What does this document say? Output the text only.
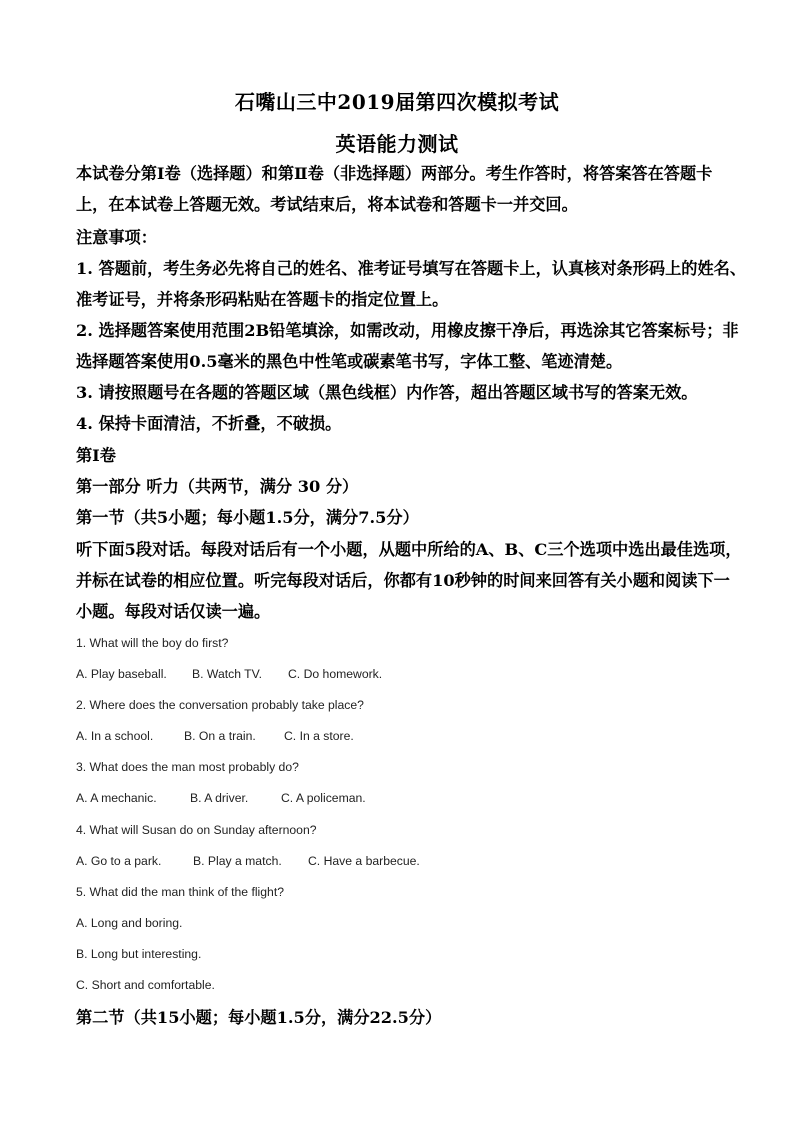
石嘴山三中2019届第四次模拟考试
英语能力测试
本试卷分第Ⅰ卷（选择题）和第Ⅱ卷（非选择题）两部分。考生作答时，将答案答在答题卡
上，在本试卷上答题无效。考试结束后，将本试卷和答题卡一并交回。
注意事项：
1. 答题前，考生务必先将自己的姓名、准考证号填写在答题卡上，认真核对条形码上的姓名、
准考证号，并将条形码粘贴在答题卡的指定位置上。
2. 选择题答案使用范围2B铅笔填涂，如需改动，用橡皮擦干净后，再选涂其它答案标号；非
选择题答案使用0.5毫米的黑色中性笔或碳素笔书写，字体工整、笔迹清楚。
3. 请按照题号在各题的答题区域（黑色线框）内作答，超出答题区域书写的答案无效。
4. 保持卡面清洁，不折叠，不破损。
第I卷
第一部分 听力（共两节，满分 30 分）
第一节（共5小题；每小题1.5分，满分7.5分）
听下面5段对话。每段对话后有一个小题，从题中所给的A、B、C三个选项中选出最佳选项，
并标在试卷的相应位置。听完每段对话后，你都有10秒钟的时间来回答有关小题和阅读下一
小题。每段对话仅读一遍。
1. What will the boy do first?
A. Play baseball. B. Watch TV. C. Do homework.
2. Where does the conversation probably take place?
A. In a school.	B. On a train. C. In a store.
3. What does the man most probably do?
A. A mechanic.	B. A driver.	C. A policeman.
4. What will Susan do on Sunday afternoon?
A. Go to a park.	B. Play a match. C. Have a barbecue.
5. What did the man think of the flight?
A. Long and boring.
B. Long but interesting.
C. Short and comfortable.
第二节（共15小题；每小题1.5分，满分22.5分）
